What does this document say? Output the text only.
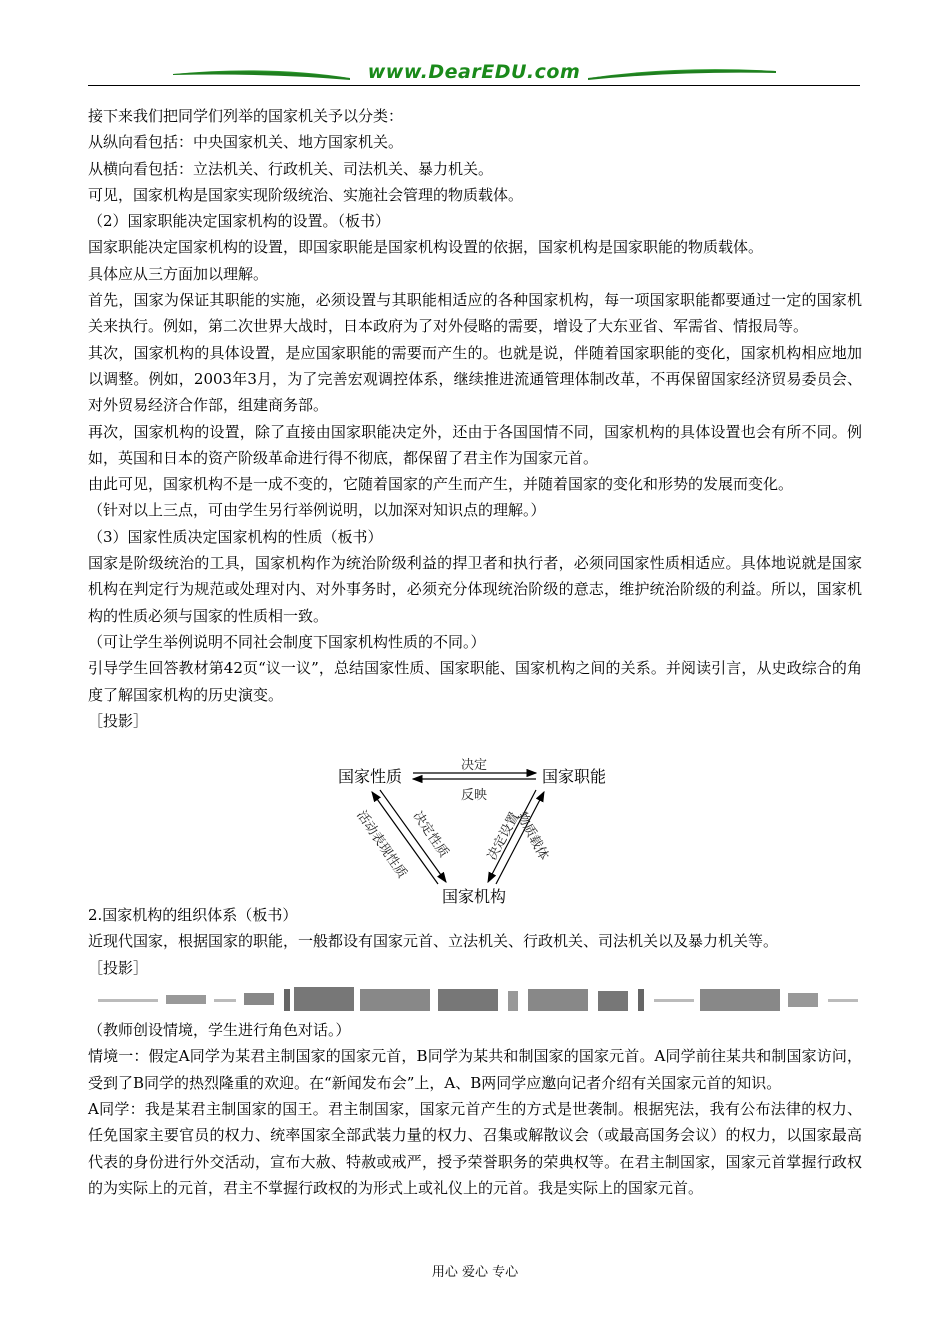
www.DearEDU.com

接下来我们把同学们列举的国家机关予以分类：

从纵向看包括：中央国家机关、地方国家机关。

从横向看包括：立法机关、行政机关、司法机关、暴力机关。

可见，国家机构是国家实现阶级统治、实施社会管理的物质载体。

（2）国家职能决定国家机构的设置。（板书）

国家职能决定国家机构的设置，即国家职能是国家机构设置的依据，国家机构是国家职能的物质载体。

具体应从三方面加以理解。

首先，国家为保证其职能的实施，必须设置与其职能相适应的各种国家机构，每一项国家职能都要通过一定的国家机关来执行。例如，第二次世界大战时，日本政府为了对外侵略的需要，增设了大东亚省、军需省、情报局等。

其次，国家机构的具体设置，是应国家职能的需要而产生的。也就是说，伴随着国家职能的变化，国家机构相应地加以调整。例如，2003年3月，为了完善宏观调控体系，继续推进流通管理体制改革，不再保留国家经济贸易委员会、对外贸易经济合作部，组建商务部。

再次，国家机构的设置，除了直接由国家职能决定外，还由于各国国情不同，国家机构的具体设置也会有所不同。例如，英国和日本的资产阶级革命进行得不彻底，都保留了君主作为国家元首。

由此可见，国家机构不是一成不变的，它随着国家的产生而产生，并随着国家的变化和形势的发展而变化。

（针对以上三点，可由学生另行举例说明，以加深对知识点的理解。）

（3）国家性质决定国家机构的性质（板书）

国家是阶级统治的工具，国家机构作为统治阶级利益的捍卫者和执行者，必须同国家性质相适应。具体地说就是国家机构在判定行为规范或处理对内、对外事务时，必须充分体现统治阶级的意志，维护统治阶级的利益。所以，国家机构的性质必须与国家的性质相一致。

（可让学生举例说明不同社会制度下国家机构性质的不同。）

引导学生回答教材第42页“议一议”，总结国家性质、国家职能、国家机构之间的关系。并阅读引言，从史政综合的角度了解国家机构的历史演变。

［投影］

国家性质	国家职能
国家机构
决定
反映
决定性质
活动表现性质	决定设置
物质载体

2.国家机构的组织体系（板书）

近现代国家，根据国家的职能，一般都设有国家元首、立法机关、行政机关、司法机关以及暴力机关等。

［投影］

（教师创设情境，学生进行角色对话。）

情境一：假定A同学为某君主制国家的国家元首，B同学为某共和制国家的国家元首。A同学前往某共和制国家访问，受到了B同学的热烈隆重的欢迎。在“新闻发布会”上，A、B两同学应邀向记者介绍有关国家元首的知识。

A同学：我是某君主制国家的国王。君主制国家，国家元首产生的方式是世袭制。根据宪法，我有公布法律的权力、任免国家主要官员的权力、统率国家全部武装力量的权力、召集或解散议会（或最高国务会议）的权力，以国家最高代表的身份进行外交活动，宣布大赦、特赦或戒严，授予荣誉职务的荣典权等。在君主制国家，国家元首掌握行政权的为实际上的元首，君主不掌握行政权的为形式上或礼仪上的元首。我是实际上的国家元首。

用心 爱心 专心
